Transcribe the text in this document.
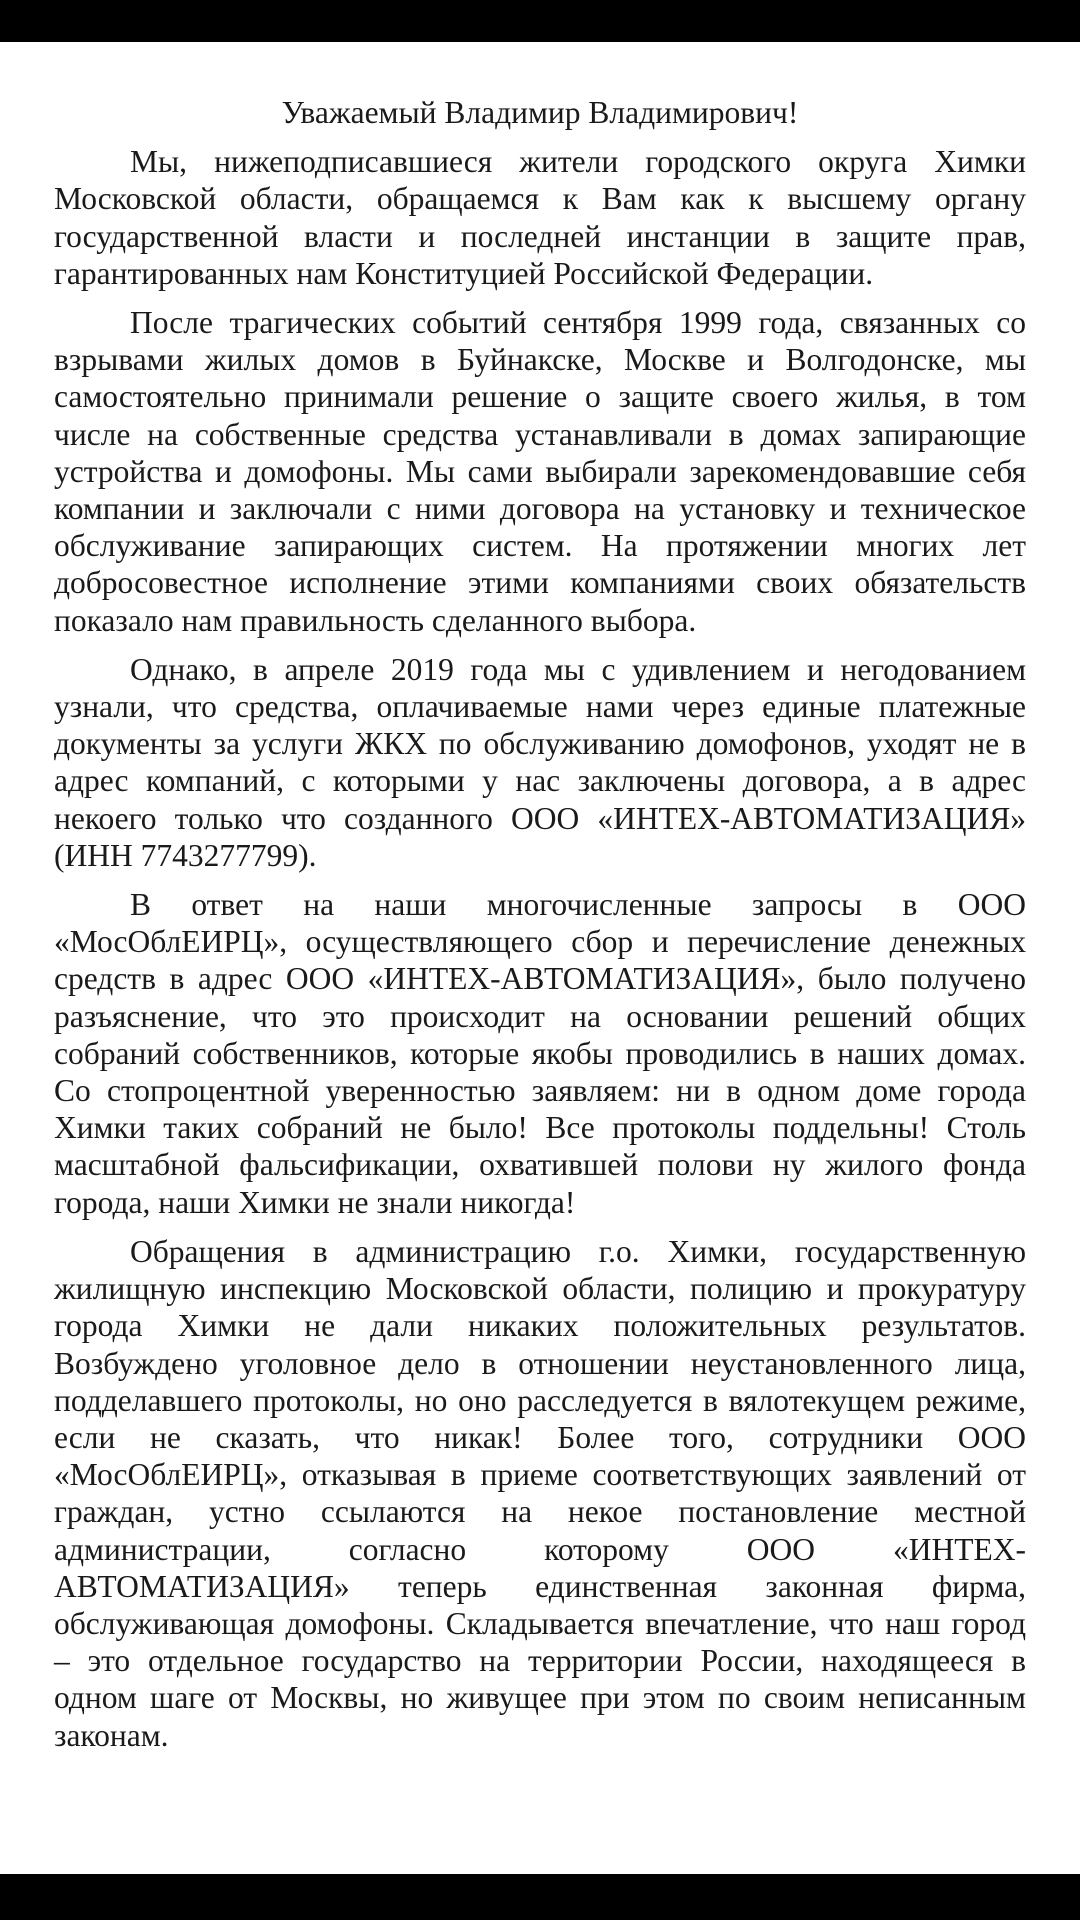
Уважаемый Владимир Владимирович!

Мы, нижеподписавшиеся жители городского округа Химки Московской области, обращаемся к Вам как к высшему органу государственной власти и последней инстанции в защите прав, гарантированных нам Конституцией Российской Федерации.

После трагических событий сентября 1999 года, связанных со взрывами жилых домов в Буйнакске, Москве и Волгодонске, мы самостоятельно принимали решение о защите своего жилья, в том числе на собственные средства устанавливали в домах запирающие устройства и домофоны. Мы сами выбирали зарекомендовавшие себя компании и заключали с ними договора на установку и техническое обслуживание запирающих систем. На протяжении многих лет добросовестное исполнение этими компаниями своих обязательств показало нам правильность сделанного выбора.

Однако, в апреле 2019 года мы с удивлением и негодованием узнали, что средства, оплачиваемые нами через единые платежные документы за услуги ЖКХ по обслуживанию домофонов, уходят не в адрес компаний, с которыми у нас заключены договора, а в адрес некоего только что созданного ООО «ИНТЕХ-АВТОМАТИЗАЦИЯ» (ИНН 7743277799).

В ответ на наши многочисленные запросы в ООО «МосОблЕИРЦ», осуществляющего сбор и перечисление денежных средств в адрес ООО «ИНТЕХ-АВТОМАТИЗАЦИЯ», было получено разъяснение, что это происходит на основании решений общих собраний собственников, которые якобы проводились в наших домах. Со стопроцентной уверенностью заявляем: ни в одном доме города Химки таких собраний не было! Все протоколы поддельны! Столь масштабной фальсификации, охватившей полови ну жилого фонда города, наши Химки не знали никогда!

Обращения в администрацию г.о. Химки, государственную жилищную инспекцию Московской области, полицию и прокуратуру города Химки не дали никаких положительных результатов. Возбуждено уголовное дело в отношении неустановленного лица, подделавшего протоколы, но оно расследуется в вялотекущем режиме, если не сказать, что никак! Более того, сотрудники ООО «МосОблЕИРЦ», отказывая в приеме соответствующих заявлений от граждан, устно ссылаются на некое постановление местной администрации, согласно которому ООО «ИНТЕХ-АВТОМАТИЗАЦИЯ» теперь единственная законная фирма, обслуживающая домофоны. Складывается впечатление, что наш город – это отдельное государство на территории России, находящееся в одном шаге от Москвы, но живущее при этом по своим неписанным законам.
